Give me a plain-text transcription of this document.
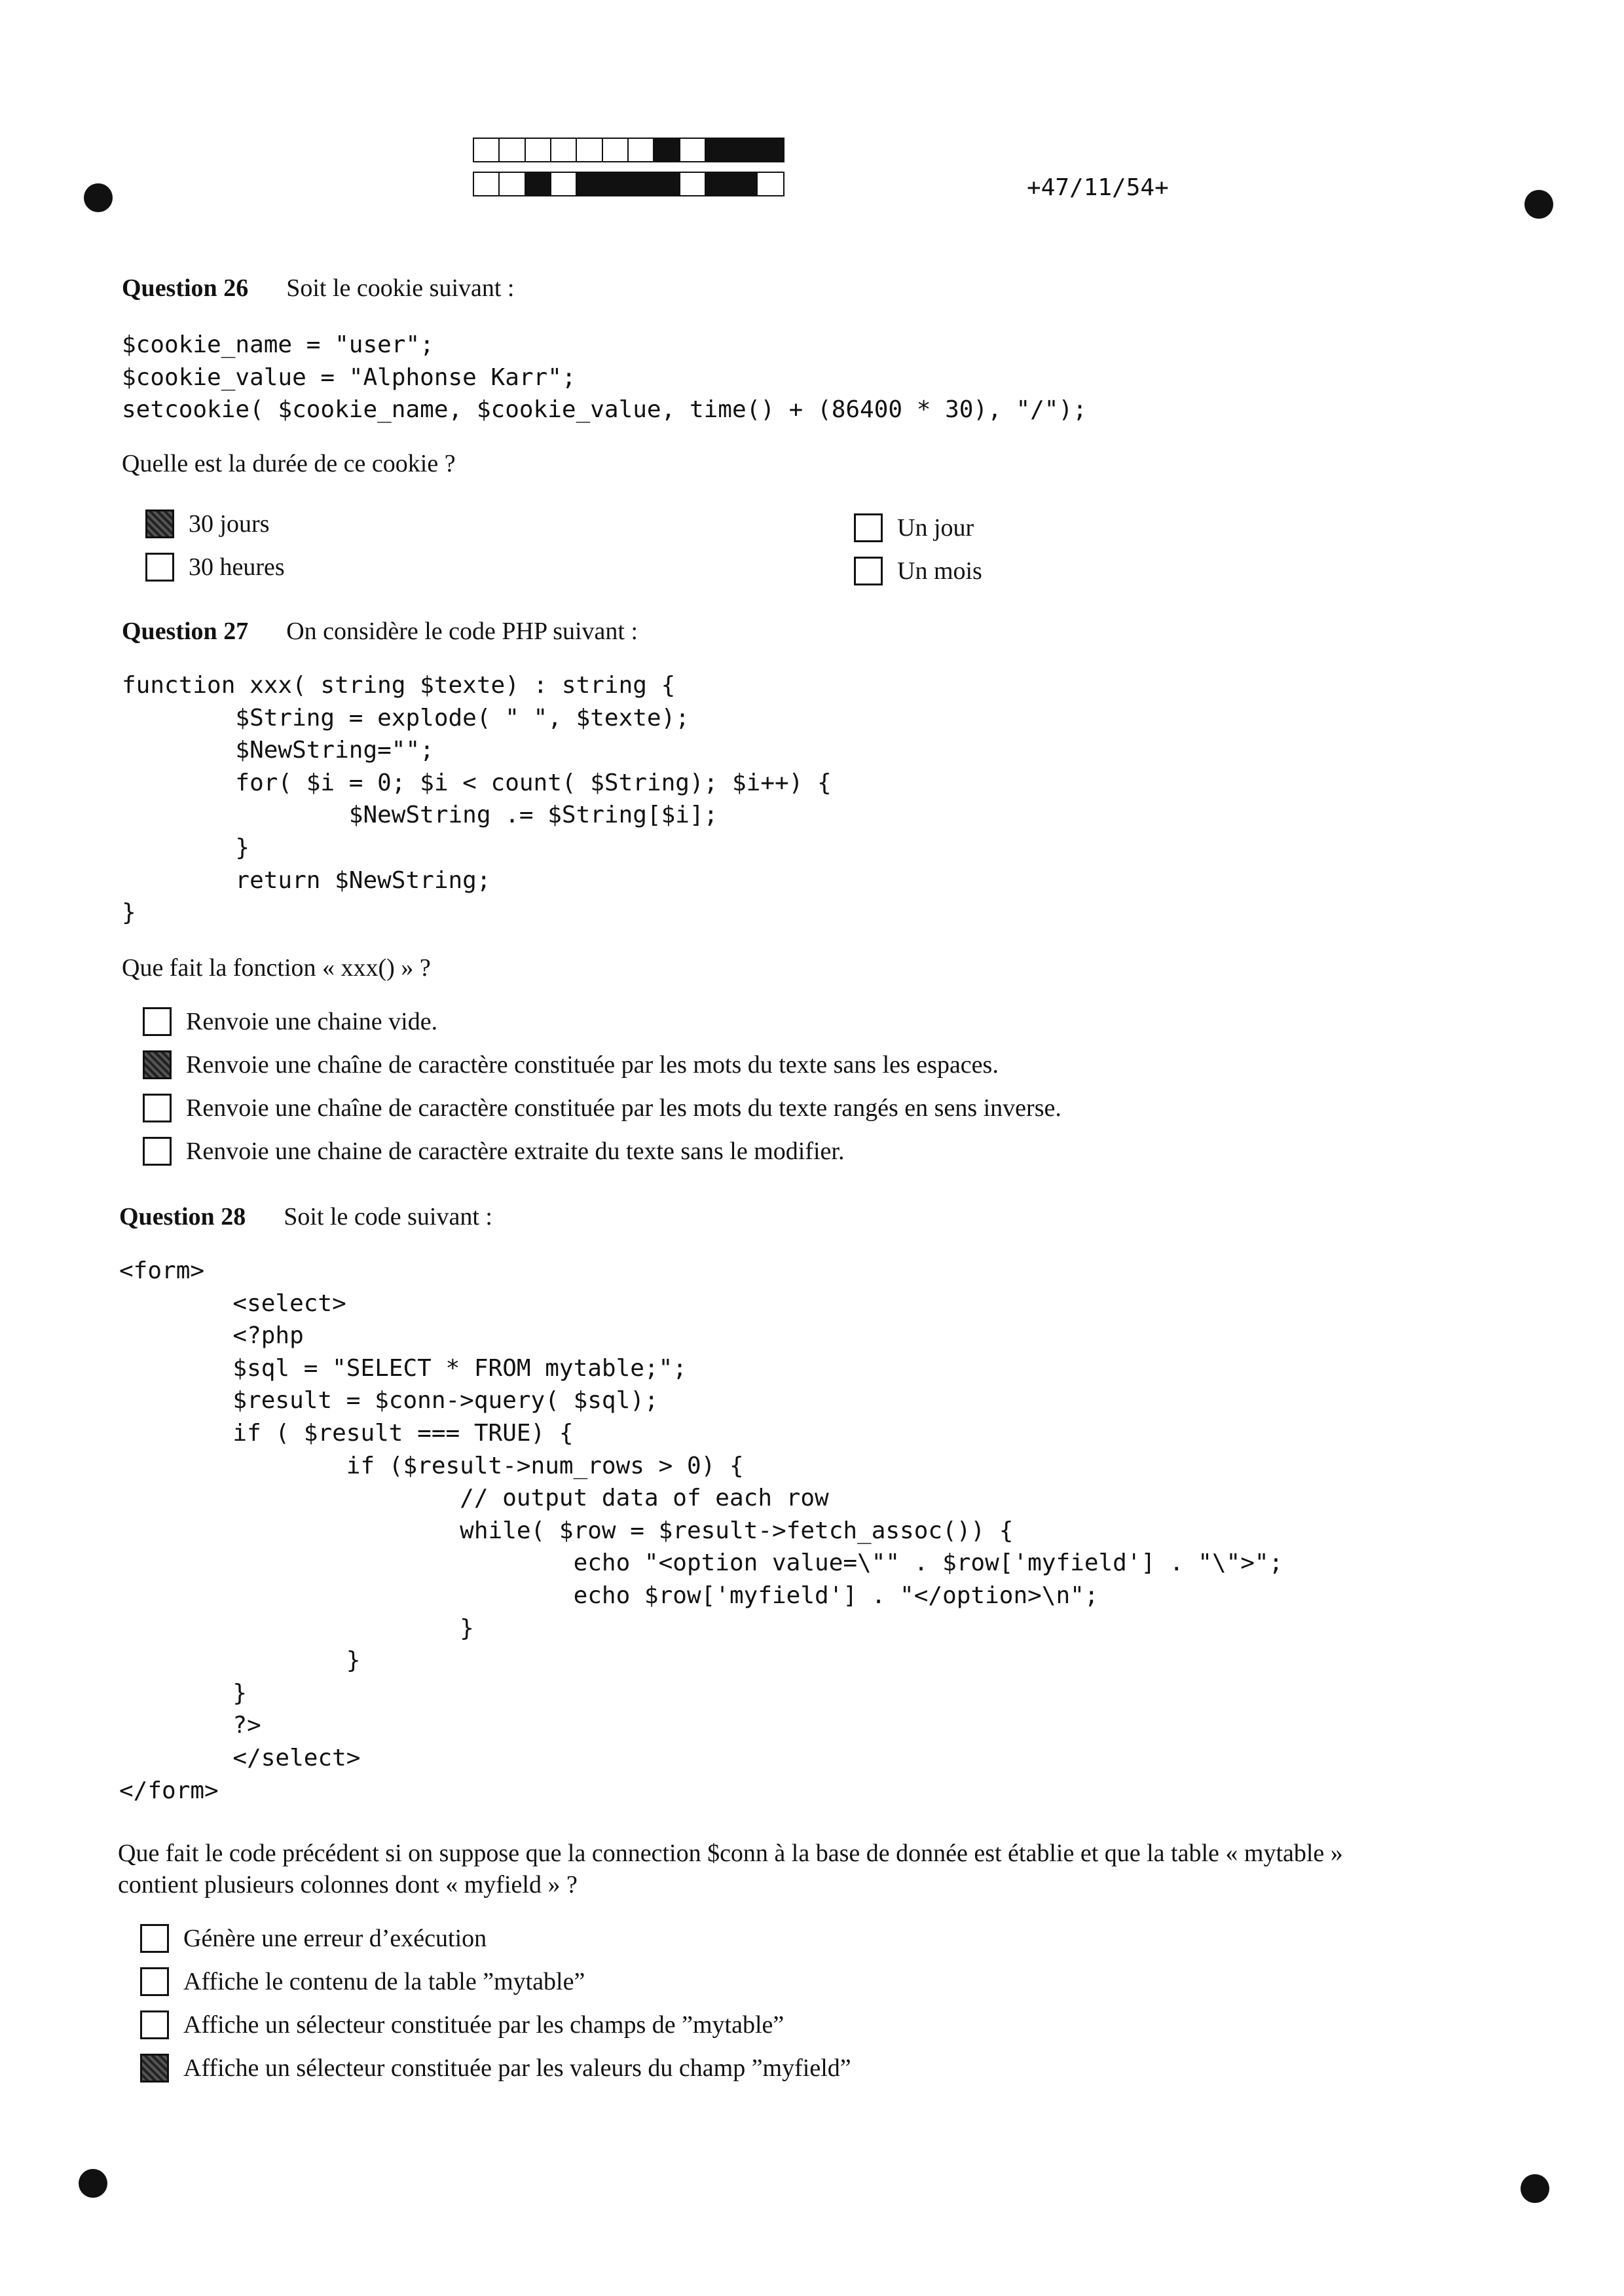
+47/11/54+
Question 26 Soit le cookie suivant :
$cookie_name = "user";
$cookie_value = "Alphonse Karr";
setcookie( $cookie_name, $cookie_value, time() + (86400 * 30), "/");
Quelle est la durée de ce cookie ?
30 jours
30 heures
Un jour
Un mois
Question 27 On considère le code PHP suivant :
function xxx( string $texte) : string {
$String = explode( " ", $texte);
$NewString="";
for( $i = 0; $i < count( $String); $i++) {
$NewString .= $String[$i];
}
return $NewString;
}
Que fait la fonction « xxx() » ?
Renvoie une chaine vide.
Renvoie une chaîne de caractère constituée par les mots du texte sans les espaces.
Renvoie une chaîne de caractère constituée par les mots du texte rangés en sens inverse.
Renvoie une chaine de caractère extraite du texte sans le modifier.
Question 28 Soit le code suivant :
<form>
<select>
<?php
$sql = "SELECT * FROM mytable;";
$result = $conn->query( $sql);
if ( $result === TRUE) {
if ($result->num_rows > 0) {
// output data of each row
while( $row = $result->fetch_assoc()) {
echo "<option value=\"" . $row['myfield'] . "\">";
echo $row['myfield'] . "</option>\n";
}
}
}
?>
</select>
</form>
Que fait le code précédent si on suppose que la connection $conn à la base de donnée est établie et que la table « mytable »
contient plusieurs colonnes dont « myfield » ?
Génère une erreur d’exécution
Affiche le contenu de la table ”mytable”
Affiche un sélecteur constituée par les champs de ”mytable”
Affiche un sélecteur constituée par les valeurs du champ ”myfield”
